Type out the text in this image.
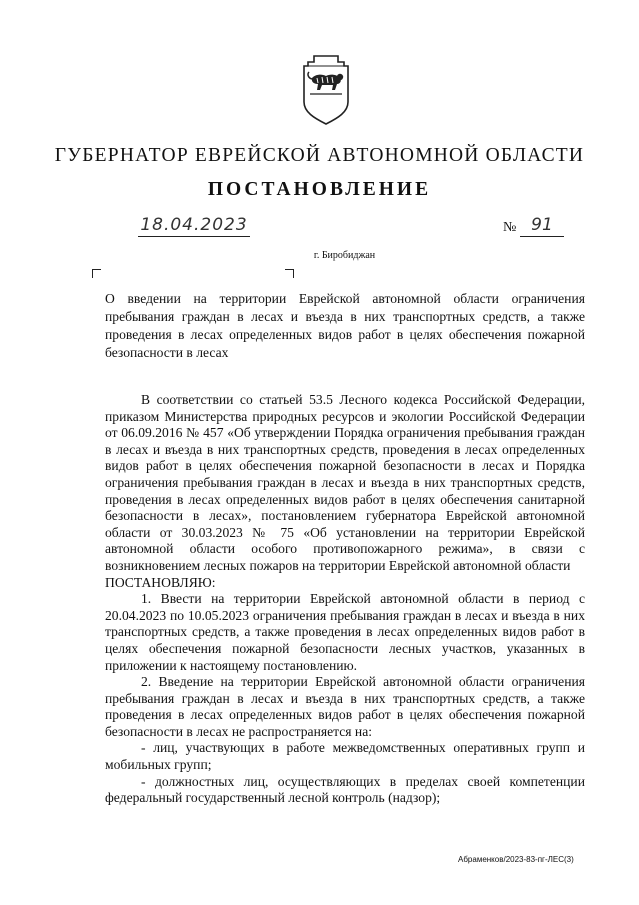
ГУБЕРНАТОР ЕВРЕЙСКОЙ АВТОНОМНОЙ ОБЛАСТИ
ПОСТАНОВЛЕНИЕ
18.04.2023	№ 91
г. Биробиджан
О введении на территории Еврейской автономной области ограничения пребывания граждан в лесах и въезда в них транспортных средств, а также проведения в лесах определенных видов работ в целях обеспечения пожарной безопасности в лесах

В соответствии со статьей 53.5 Лесного кодекса Российской Федерации, приказом Министерства природных ресурсов и экологии Российской Федерации от 06.09.2016 № 457 «Об утверждении Порядка ограничения пребывания граждан в лесах и въезда в них транспортных средств, проведения в лесах определенных видов работ в целях обеспечения пожарной безопасности в лесах и Порядка ограничения пребывания граждан в лесах и въезда в них транспортных средств, проведения в лесах определенных видов работ в целях обеспечения санитарной безопасности в лесах», постановлением губернатора Еврейской автономной области от 30.03.2023 № 75 «Об установлении на территории Еврейской автономной области особого противопожарного режима», в связи с возникновением лесных пожаров на территории Еврейской автономной области

ПОСТАНОВЛЯЮ:

1. Ввести на территории Еврейской автономной области в период с 20.04.2023 по 10.05.2023 ограничения пребывания граждан в лесах и въезда в них транспортных средств, а также проведения в лесах определенных видов работ в целях обеспечения пожарной безопасности лесных участков, указанных в приложении к настоящему постановлению.

2. Введение на территории Еврейской автономной области ограничения пребывания граждан в лесах и въезда в них транспортных средств, а также проведения в лесах определенных видов работ в целях обеспечения пожарной безопасности в лесах не распространяется на:

- лиц, участвующих в работе межведомственных оперативных групп и мобильных групп;

- должностных лиц, осуществляющих в пределах своей компетенции федеральный государственный лесной контроль (надзор);

Абраменков/2023-83-пг-ЛЕС(3)
